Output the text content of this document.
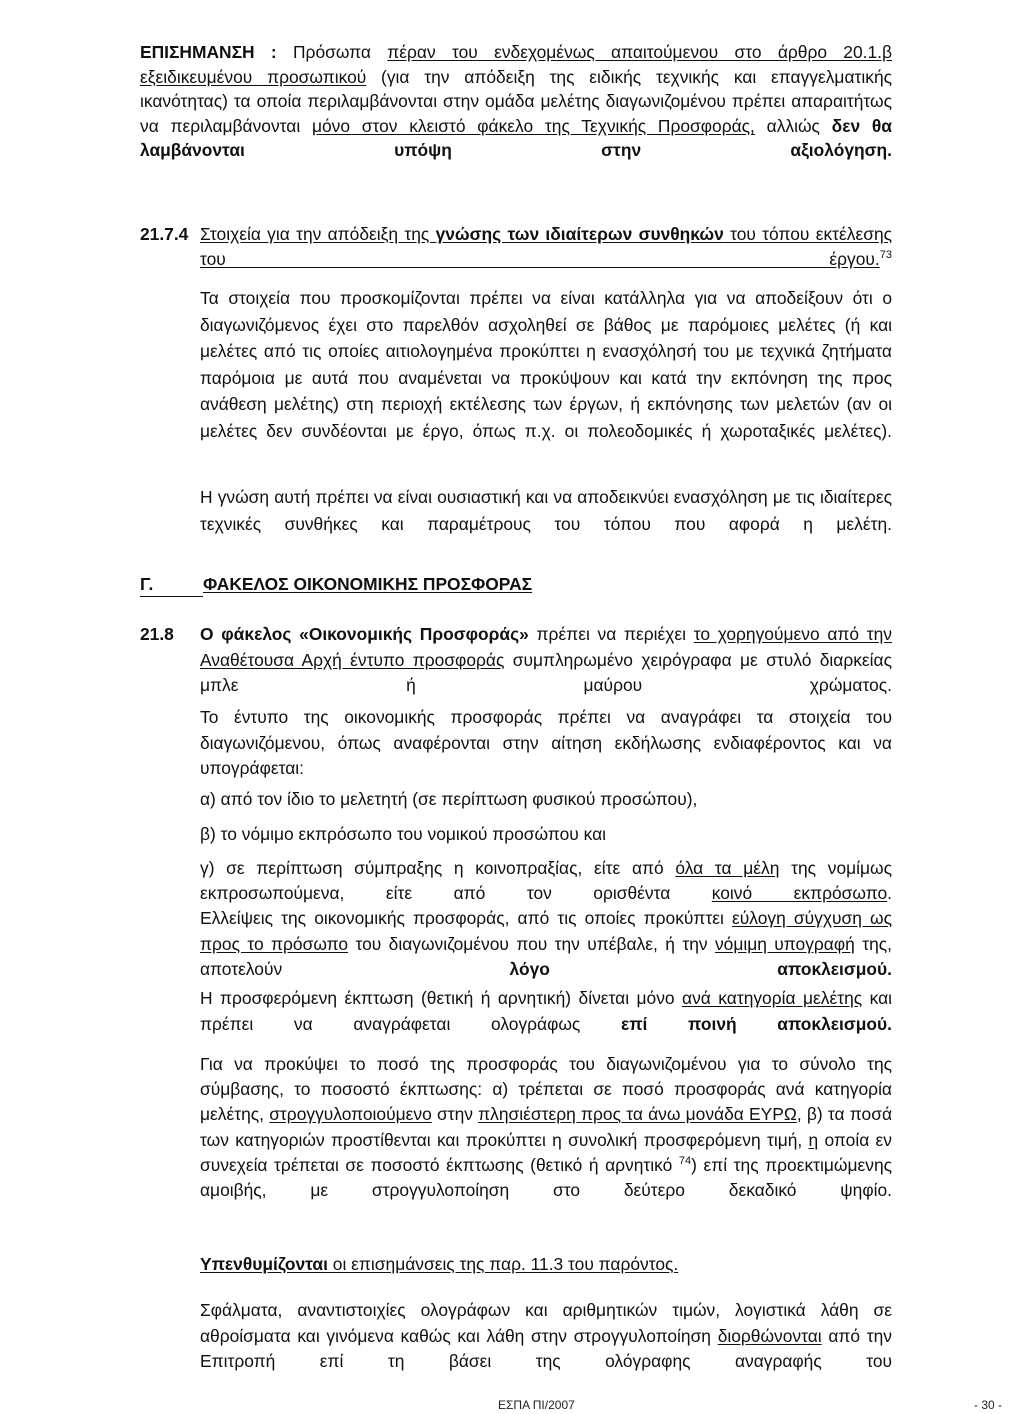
ΕΠΙΣΗΜΑΝΣΗ : Πρόσωπα πέραν του ενδεχομένως απαιτούμενου στο άρθρο 20.1.β εξειδικευμένου προσωπικού (για την απόδειξη της ειδικής τεχνικής και επαγγελματικής ικανότητας) τα οποία περιλαμβάνονται στην ομάδα μελέτης διαγωνιζομένου πρέπει απαραιτήτως να περιλαμβάνονται μόνο στον κλειστό φάκελο της Τεχνικής Προσφοράς, αλλιώς δεν θα λαμβάνονται υπόψη στην αξιολόγηση.
21.7.4 Στοιχεία για την απόδειξη της γνώσης των ιδιαίτερων συνθηκών του τόπου εκτέλεσης του έργου.$^{73}$
Τα στοιχεία που προσκομίζονται πρέπει να είναι κατάλληλα για να αποδείξουν ότι ο διαγωνιζόμενος έχει στο παρελθόν ασχοληθεί σε βάθος με παρόμοιες μελέτες (ή και μελέτες από τις οποίες αιτιολογημένα προκύπτει η ενασχόλησή του με τεχνικά ζητήματα παρόμοια με αυτά που αναμένεται να προκύψουν και κατά την εκπόνηση της προς ανάθεση μελέτης) στη περιοχή εκτέλεσης των έργων, ή εκπόνησης των μελετών (αν οι μελέτες δεν συνδέονται με έργο, όπως π.χ. οι πολεοδομικές ή χωροταξικές μελέτες).
Η γνώση αυτή πρέπει να είναι ουσιαστική και να αποδεικνύει ενασχόληση με τις ιδιαίτερες τεχνικές συνθήκες και παραμέτρους του τόπου που αφορά η μελέτη.
Γ.	ΦΑΚΕΛΟΣ ΟΙΚΟΝΟΜΙΚΗΣ ΠΡΟΣΦΟΡΑΣ
21.8 Ο φάκελος «Οικονομικής Προσφοράς» πρέπει να περιέχει το χορηγούμενο από την Αναθέτουσα Αρχή έντυπο προσφοράς συμπληρωμένο χειρόγραφα με στυλό διαρκείας μπλε ή μαύρου χρώματος.
Το έντυπο της οικονομικής προσφοράς πρέπει να αναγράφει τα στοιχεία του διαγωνιζόμενου, όπως αναφέρονται στην αίτηση εκδήλωσης ενδιαφέροντος και να υπογράφεται:
α) από τον ίδιο το μελετητή (σε περίπτωση φυσικού προσώπου),
β) το νόμιμο εκπρόσωπο του νομικού προσώπου και
γ) σε περίπτωση σύμπραξης η κοινοπραξίας, είτε από όλα τα μέλη της νομίμως εκπροσωπούμενα, είτε από τον ορισθέντα κοινό εκπρόσωπο.
Ελλείψεις της οικονομικής προσφοράς, από τις οποίες προκύπτει εύλογη σύγχυση ως προς το πρόσωπο του διαγωνιζομένου που την υπέβαλε, ή την νόμιμη υπογραφή της, αποτελούν λόγο αποκλεισμού.
Η προσφερόμενη έκπτωση (θετική ή αρνητική) δίνεται μόνο ανά κατηγορία μελέτης και πρέπει να αναγράφεται ολογράφως επί ποινή αποκλεισμού.
Για να προκύψει το ποσό της προσφοράς του διαγωνιζομένου για το σύνολο της σύμβασης, το ποσοστό έκπτωσης: α) τρέπεται σε ποσό προσφοράς ανά κατηγορία μελέτης, στρογγυλοποιούμενο στην πλησιέστερη προς τα άνω μονάδα ΕΥΡΩ, β) τα ποσά των κατηγοριών προστίθενται και προκύπτει η συνολική προσφερόμενη τιμή, η οποία εν συνεχεία τρέπεται σε ποσοστό έκπτωσης (θετικό ή αρνητικό $^{74}$) επί της προεκτιμώμενης αμοιβής, με στρογγυλοποίηση στο δεύτερο δεκαδικό ψηφίο.
Υπενθυμίζονται οι επισημάνσεις της παρ. 11.3 του παρόντος.
Σφάλματα, αναντιστοιχίες ολογράφων και αριθμητικών τιμών, λογιστικά λάθη σε αθροίσματα και γινόμενα καθώς και λάθη στην στρογγυλοποίηση διορθώνονται από την Επιτροπή επί τη βάσει της ολόγραφης αναγραφής του
ΕΣΠΑ ΠΙ/2007	- 30 -
